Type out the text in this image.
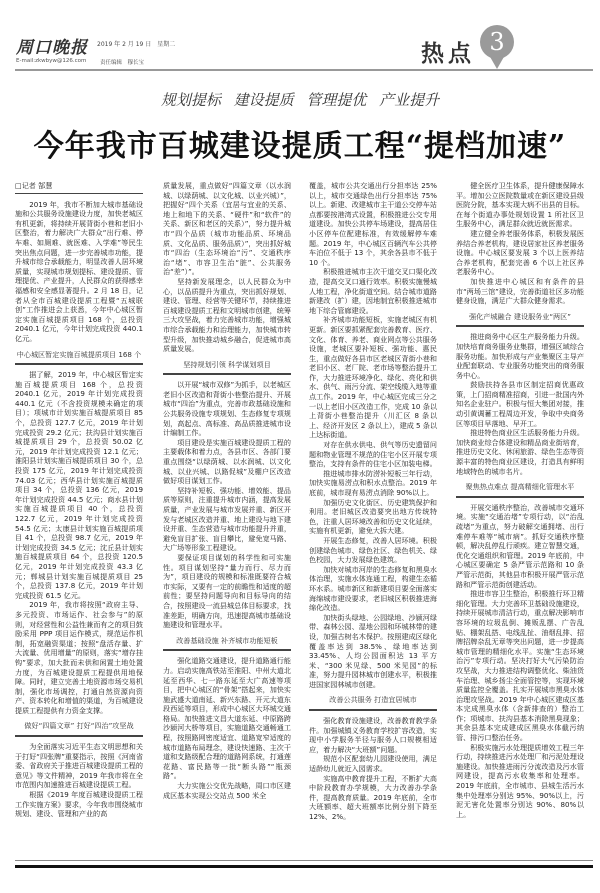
周口晚报 2019 年 2 月 19 日　星期二
E-mail:zkwbyw@126.com 责任编辑　穆长宝	热点 3
规划提标 建设提质 管理提优 产业提升
今年我市百城建设提质工程“提档加速”
□记者 郜慧

2019 年，我市不断加大城市基础设施和公共服务设施建设力度，加快老城区有机更新，将持续开展背街小巷和老旧小区整治，着力解决广大群众“出行难、停车难、如厕难、就医难、入学难”等民生突出焦点问题，进一步完善城市功能，提升城市综合承载能力，明显改善人居环境质量，实现城市规划提标、建设提质、管理提优、产业提升，人民群众的获得感幸福感和安全感显著提升。2 月 18 日，记者从全市百城建设提质工程暨“五城联创”工作推进会上获悉，今年中心城区暂定实施百城提质项目 168 个，总投资 2040.1 亿元，今年计划完成投资 440.1 亿元。

中心城区暂定实施百城提质项目 168 个

据了解，2019 年，中心城区暂定实施百城提质项目 168 个，总投资 2040.1 亿元，2019 年计划完成投资 440.1 亿元（不含投资规模未确定的项目）；项城市计划实施百城提质项目 85 个，总投资 127.7 亿元，2019 年计划完成投资 29.2 亿元；扶沟县计划实施百城提质项目 29 个，总投资 50.02 亿元，2019 年计划完成投资 12.1 亿元；淮阳县计划实施百城提质项目 30 个，总投资 175 亿元，2019 年计划完成投资 74.03 亿元；西华县计划实施百城提质项目 34 个，总投资 136 亿元，2019 年计划完成投资 44.5 亿元；商水县计划实施百城提质项目 40 个，总投资 122.7 亿元，2019 年计划完成投资 54.5 亿元；太康县计划实施百城提质项目 41 个，总投资 98.7 亿元，2019 年计划完成投资 34.5 亿元；沈丘县计划实施百城提质项目 64 个，总投资 120.5 亿元，2019 年计划完成投资 43.3 亿元；郸城县计划实施百城提质项目 25 个，总投资 137.8 亿元，2019 年计划完成投资 61.5 亿元。

2019 年，我市将按照“政府主导、多元投资、市场运作、社会参与”的原则，对经营性和公益性兼而有之的项目鼓励采用 PPP 项目运作模式，规范运作机制，拓宽融资渠道；按照“盘活存量、扩大流量、优用增量”的原则，落实“增存挂钩”要求，加大批而未供和闲置土地处置力度，为百城建设提质工程提供用地保障。同时，建立完善土地资源市场交易机制，强化市场调控，打通自然资源向资产、资本转化和增值的渠道，为百城建设提质工程提供有力资金支撑。

做好“四篇文章” 打好“四治”攻坚战

为全面落实习近平生态文明思想和关于打好“四张牌”重要指示，按照《河南省委、省政府关于推进百城建设提质工程的意见》等文件精神，2019 年我市将在全市范围内加速推进百城建设提质工程。

根据《2019 年度百城建设提质工程工作实施方案》要求，今年我市围绕城市规划、建设、管理和产业的高

质量发展，重点做好“四篇文章（以水润城、以绿荫城、以文化城、以业兴城）”，把握好“四个关系（宜居与宜业的关系、地上和地下的关系、“硬件”和“软件”的关系、新区和老区的关系）”，努力提升城市“四个品质（城市功能品质、环境品质、文化品质、服务品质）”，突出抓好城市“四治（生态环境治“污”、交通秩序治“堵”、市容卫生治“脏”、公共服务治“差”）”。

坚持新发展理念，以人民群众为中心，以品质提升为重点，突出抓好规划、建设、管理、经营等关键环节，持续推进百城建设提质工程和文明城市创建，统筹三大攻坚战，着力完善城市功能，增强城市综合承载能力和治理能力，加快城市转型升级，加快推动城乡融合，促进城市高质量发展。

坚持规划引领 科学谋划项目

以开展“城市双修”为抓手，以老城区老旧小区改造和背街小巷整治提升、开展城市“四治”为重点，完善市政基础设施和公共服务设施专项规划、生态修复专项规划，高起点、高标准、高品质推进城市设计编制工作。

项目建设是实施百城建设提质工程的主要载体和着力点，各县市区、各部门要重点围绕“以绿荫城、以水润城、以文化城、以业兴城、以路促城”及棚户区改造做好项目谋划工作。

坚持补短板、强功能、增效能、提品质等原则，注重提升城市内涵，提高发展质量，产业发展与城市发展并重、新区开发与老城区改造并重、地上建设与地下建设并重、生态营造与城市功能提升并重，避免盲目扩张、盲目攀比，避免宽马路、大广场等形象工程建设。

要保证项目谋划的科学性和可实施性。项目谋划坚持“量力而行、尽力而为”，项目建设的规模和标准既要符合城市实际，又要有一定的前瞻性和适度的超前性；要坚持问题导向和目标导向的结合，按照建设一流县城总体目标要求，找准差距，明确方向，迅速提高城市基础设施建设和管理水平。

改善基础设施 补齐城市功能短板

强化道路交通建设，提升道路通行能力。启动实施高铁站至淮阳、中州大道北延至西华、七一路东延至大广高速等项目，把中心城区的“骨架”搭起来，加快实施武盛大道南延、新兴东路、开元大道东段西延等项目，形成中心城区大环城交通格局。加快推进文昌大道东延、中原路跨沙颍河大桥等项目，实施道路交通畅通工程，按照路网密度适宜、道路宽窄适度的城市道路布局理念，建设快速路、主次干道和支路级配合理的道路网系统，打通莲花路、富民路等一批“断头路”“瓶颈路”。

大力实施公交优先战略，周口市区建成区基本实现公交站点 500 米全

覆盖，城市公共交通出行分担率达 25%以上，城市交通绿色出行分担率达 75%以上。新建、改建城市主干道公交停车站点都要按港湾式设置，积极推进公交专用道建设。加快公共停车场建设，提高居住小区停车位配建标准，有效缓解停车难题。2019 年，中心城区百辆汽车公共停车泊位不低于 13 个，其余各县市不低于 10 个。

积极推进城市主次干道交叉口渠化改造，提高交叉口通行效率。积极实施慢城人地工程，净化街道空间。结合城市道路新建改（扩）建，因地制宜积极推进城市地下综合管廊建设。

补齐城市功能短板，实施老城区有机更新。新区要抓紧配套完善教育、医疗、文化、体育、养老、商业网点等公共服务设施，老城区要补短板、强功能、惠民生，重点做好各县市区老城区背街小巷和老旧小区、老厂院、老市场等整治提升工作，大力推进环境净化、绿化、亮化和供水、供气、雨污分流、架空线缆入地等重点工作。2019 年，中心城区完成三分之一以上老旧小区改造工作，完成 10 条以上背街小巷整治提升（川汇区 8 条以上、经济开发区 2 条以上），建成 5 条以上达标街道。

对存在供水供电、供气等历史遗留问题和物业管理不规范的住宅小区开展专项整治，支持有条件的住宅小区加装电梯。

推进城市排水防涝补短板三年行动，加快实施易涝点和积水点整治。2019 年底前，城市现有易涝点消除 90%以上。

加强历史文化街区、历史建筑保护和利用。老旧城区改造要突出地方传统特色，注重人居环境改善和历史文化延续，实施有机更新，避免大拆大建。

开展生态修复，改善人居环境。积极创建绿色城市、绿色社区、绿色机关、绿色校园，大力发展绿色建筑。

加快对城市河岸的生态修复和黑臭水体治理，实施水体连通工程，构建生态循环水系。城市新区和新建项目要全面落实海绵城市建设要求，老旧城区积极推进海绵化改造。

加快街头绿地、公园绿地、沙颍河绿带、森林公园、湿地公园和环城林带的建设，加强古树名木保护。按照建成区绿化覆盖率达到 38.5%、绿地率达到 33.45%、人均公园面积达 13 平方米、“300 米见绿、500 米见园”的标准，努力提升园林城市创建水平，积极推进国家园林城市创建。

改善公共服务 打造宜居城市

强化教育设施建设，改善教育教学条件。加强城镇义务教育学校扩容改造，实现中小学服务半径与服务人口规模相适应，着力解决“大班额”问题。

规范小区配套幼儿园建设使用，满足适龄幼儿就近入园需求。

实施高中教育提升工程，不断扩大高中阶段教育办学规模，大力改善办学条件，提高教育质量。2019 年底前，全市大班额率、超大班额率比例分别下降至 12%、2%。

健全医疗卫生体系，提升健康保障水平。增加公立医院数量或在新区建设县级医院分院，基本实现大病不出县的目标。在每个街道办事处规划设置 1 所社区卫生服务中心，满足群众就近就医需求。

建立健全养老服务体系，积极发展医养结合养老机构，建设居家社区养老服务设施。中心城区要发展 3 个以上医养结合养老机构，配套完善 6 个以上社区养老服务中心。

加快推进中心城区和有条件的县市“两场三馆”建设，完善街道社区多功能健身设施，满足广大群众健身需求。

强化产城融合 建设服务业“两区”

推进商务中心区生产服务能力升级。加快培育商务服务业集群，增强区域综合服务功能。加快形成与产业集聚区主导产业配套联动、专业服务功能突出的商务服务中心。

鼓励扶持各县市区制定招商优惠政策，上门招商精准招商，引进一批国内外知名企业驻户。积极与恒大集团对接，推动引黄调蓄工程周边开发，争取中央商务区等项目早落地、早开工。

推进特色商业区生活服务能力升级。加快商业综合体建设和精品商业街培育，推进历史文化、休闲旅游、绿色生态等资源丰富的特色商业区建设，打造具有鲜明地域特色的城市名片。

聚焦热点难点 提高精细化管理水平

开展交通秩序整治，改善城市交通环境。实施“交通治堵”专项行动，以“治乱疏堵”为重点，努力破解交通拥堵、出行难停车难等“城市病”。抓好交通秩序整顿，解决乱停乱行顽疾。建立智慧交通，优化交通组织和管理。2019 年底前，中心城区要确定 5 条严管示范路和 10 条严管示范街，其他县市积极开展严管示范路和严管示范街创建活动。

推进市容卫生整治，积极推行环卫精细化管理。大力完善环卫基础设施建设，持续开展城市清洁行动，重点解决影响市容环境的垃圾乱倒、摊贩乱摆、广告乱贴、棚架乱搭、电线乱扯、油烟乱排、招牌招牌杂乱无章等突出问题，进一步提高城市管理的精细化水平。实施“生态环境治污”专项行动。坚决打好大气污染防治攻坚战，大力推进结构调整优化、柴油货车治理、城乡扬尘全面管控等，实现环境质量监控全覆盖。扎实开展城市黑臭水体治理攻坚战。2019 年中心城区建成区基本完成黑臭水体（含新排查的）整治工作；项城市、扶沟县基本消除黑臭现象；其余县基本完成建成区黑臭水体截污纳管、排污口整治任务。

积极实施污水处理提质增效工程三年行动，持续推进污水处理厂和污泥处理设施建设。加快推进雨污分流改造及污水管网建设，提高污水收集率和处理率。2019 年底前，全市城市、县城生活污水集中处理率分别达 95%、90%以上，污泥无害化处置率分别达 90%、80%以上。
